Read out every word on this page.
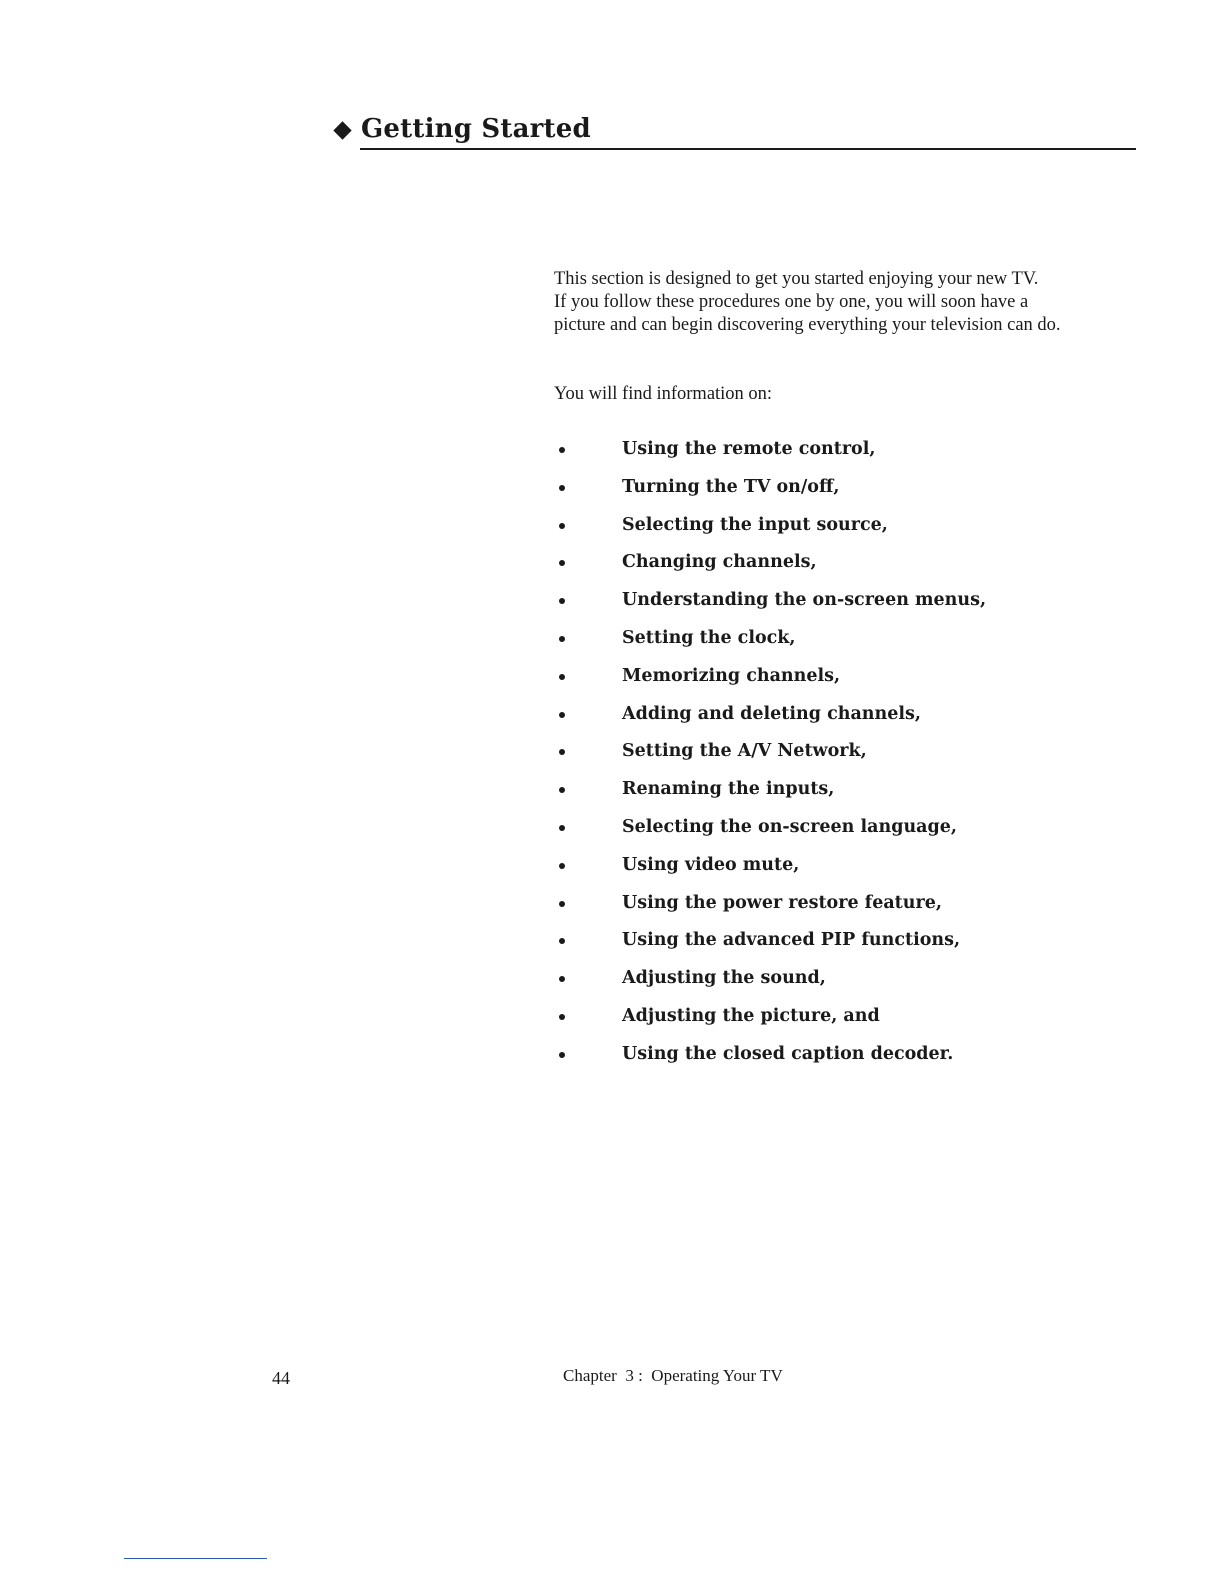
Getting Started
This section is designed to get you started enjoying your new TV.
If you follow these procedures one by one, you will soon have a
picture and can begin discovering everything your television can do.
You will find information on:
Using the remote control,
Turning the TV on/off,
Selecting the input source,
Changing channels,
Understanding the on-screen menus,
Setting the clock,
Memorizing channels,
Adding and deleting channels,
Setting the A/V Network,
Renaming the inputs,
Selecting the on-screen language,
Using video mute,
Using the power restore feature,
Using the advanced PIP functions,
Adjusting the sound,
Adjusting the picture, and
Using the closed caption decoder.
44	Chapter  3 :  Operating Your TV
